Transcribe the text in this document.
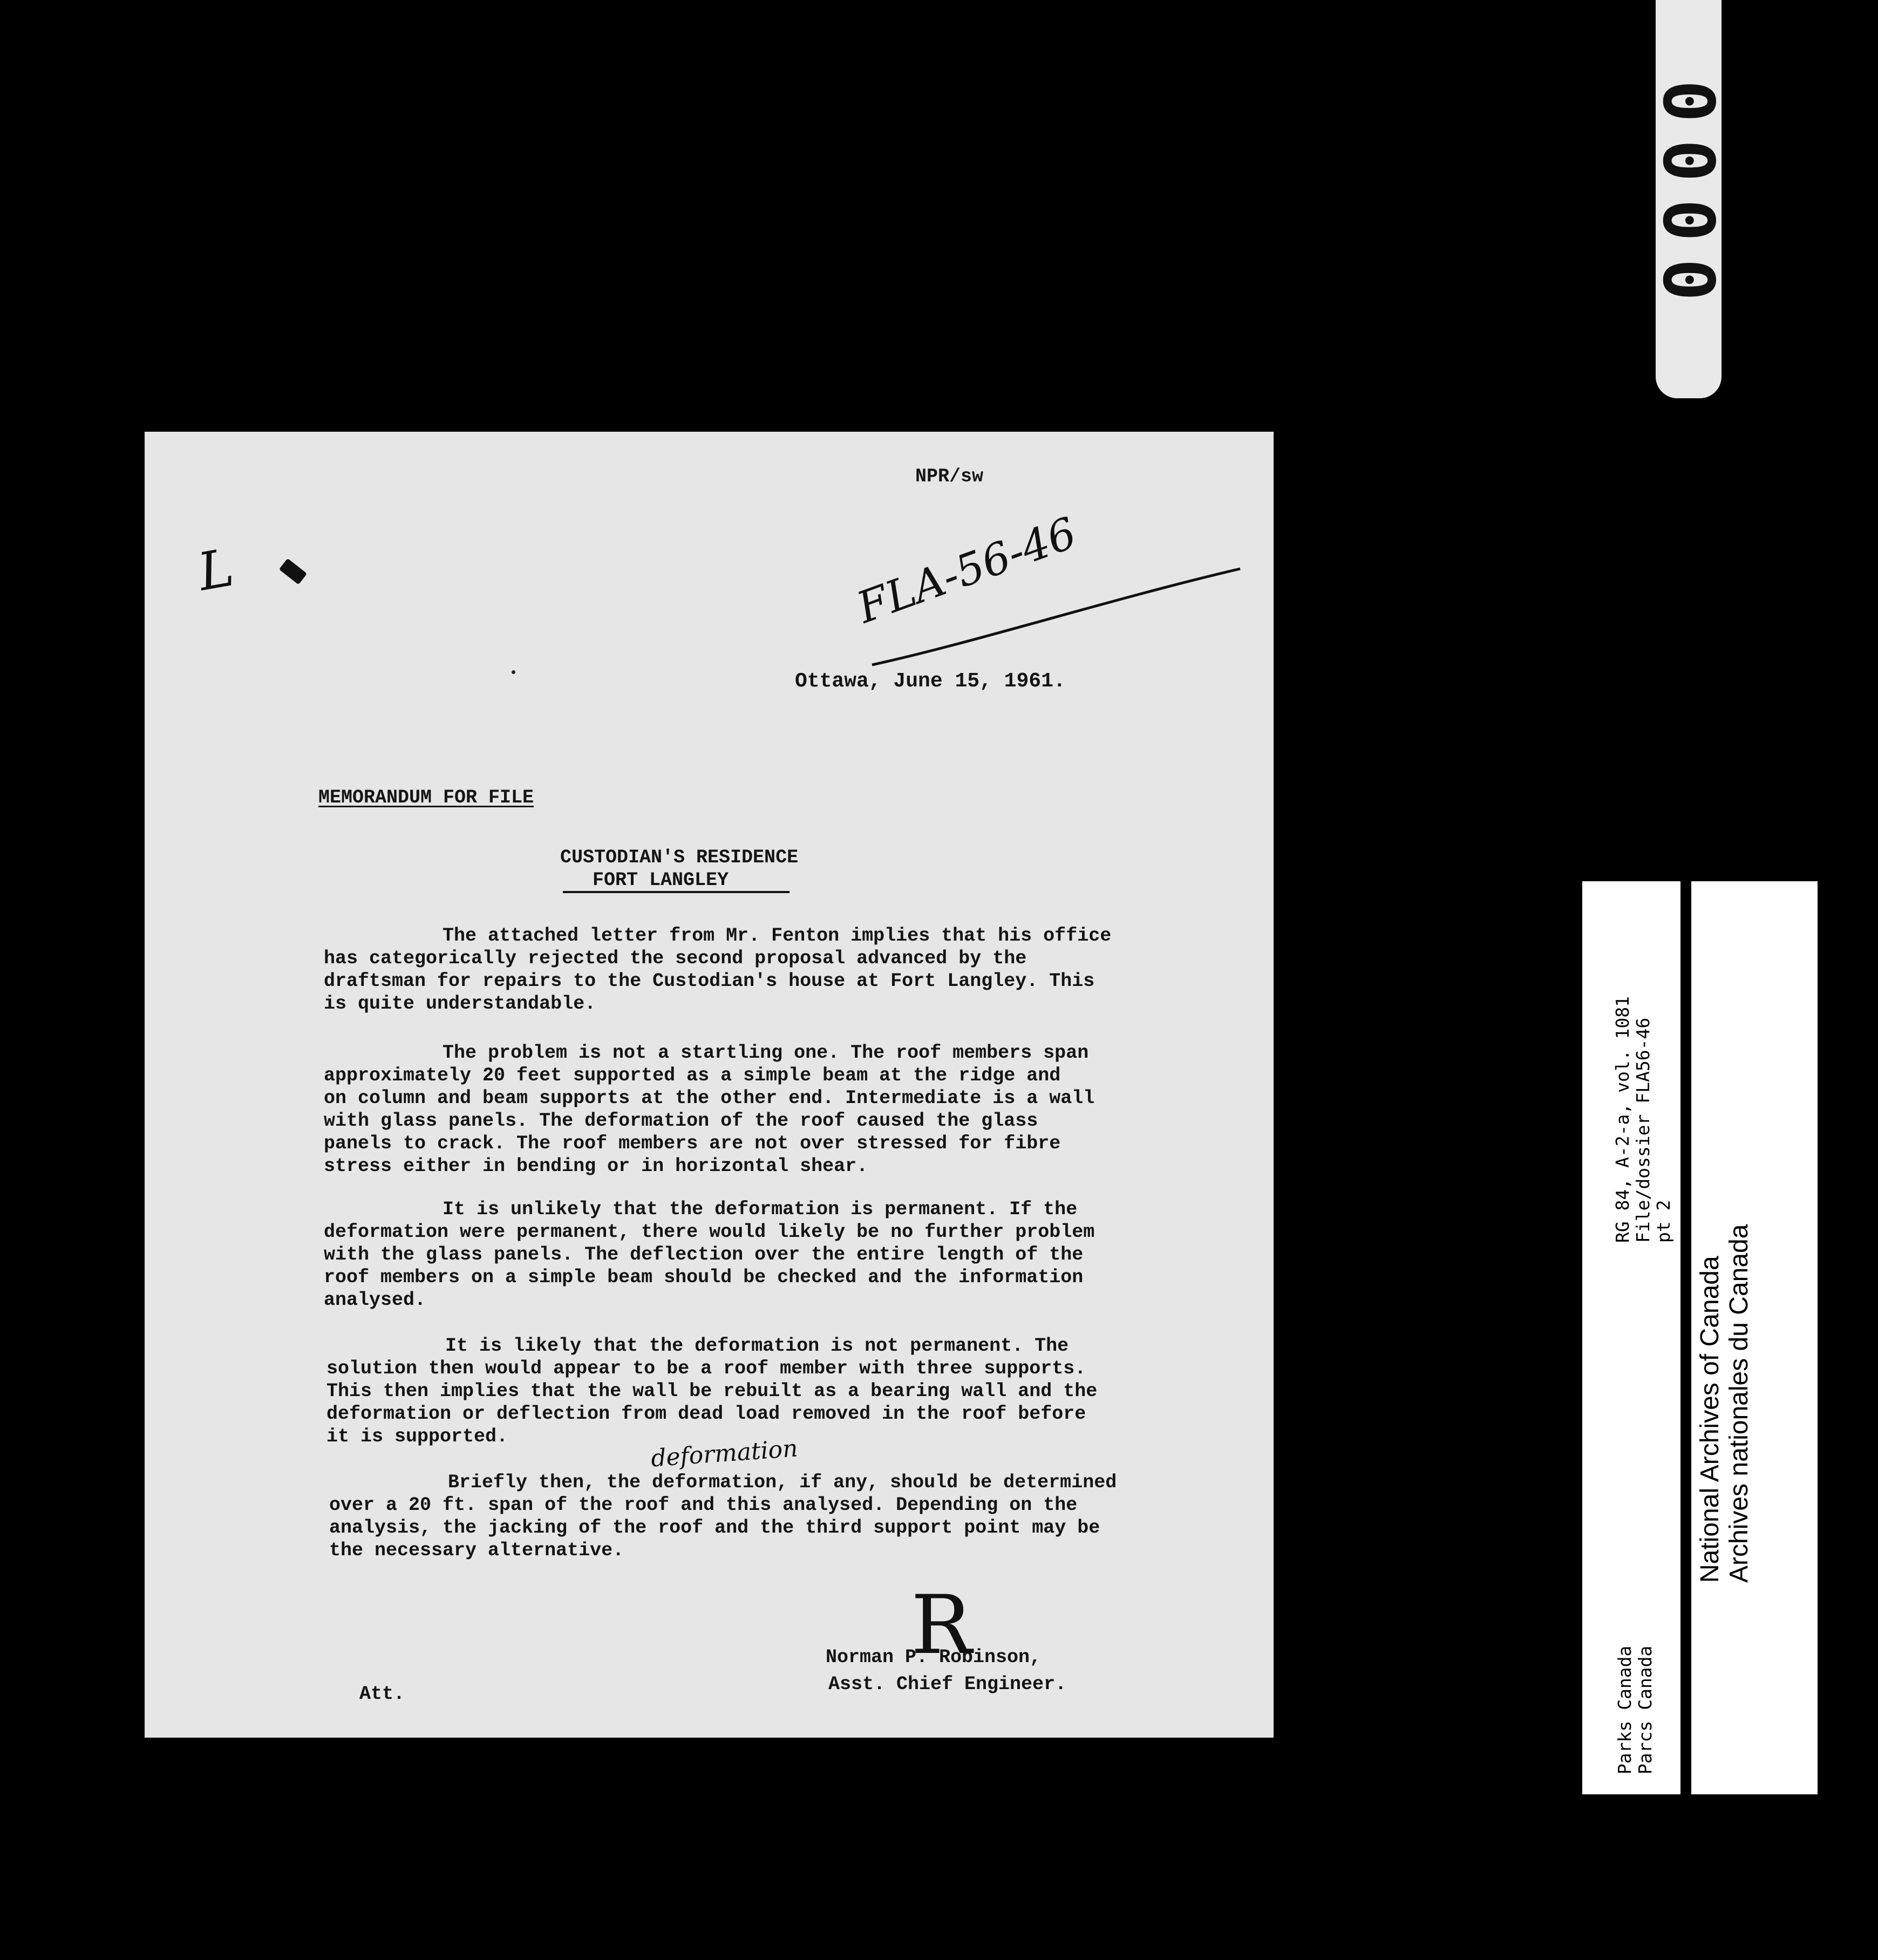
0000
NPR/sw
L	FLA-56-46
Ottawa, June 15, 1961.
MEMORANDUM FOR FILE
CUSTODIAN'S RESIDENCE
FORT LANGLEY
The attached letter from Mr. Fenton implies that his office
has categorically rejected the second proposal advanced by the
draftsman for repairs to the Custodian's house at Fort Langley. This
is quite understandable.
The problem is not a startling one. The roof members span
approximately 20 feet supported as a simple beam at the ridge and
on column and beam supports at the other end. Intermediate is a wall
with glass panels. The deformation of the roof caused the glass
panels to crack. The roof members are not over stressed for fibre
stress either in bending or in horizontal shear.
It is unlikely that the deformation is permanent. If the
deformation were permanent, there would likely be no further problem
with the glass panels. The deflection over the entire length of the
roof members on a simple beam should be checked and the information
analysed.
It is likely that the deformation is not permanent. The
solution then would appear to be a roof member with three supports.
This then implies that the wall be rebuilt as a bearing wall and the
deformation or deflection from dead load removed in the roof before
it is supported.	deformation
Briefly then, the deformation, if any, should be determined
over a 20 ft. span of the roof and this analysed. Depending on the
analysis, the jacking of the roof and the third support point may be
the necessary alternative.
R
Norman P. Robinson,
Asst. Chief Engineer.
Att.	Parks Canada Parcs Canada
RG 84, A-2-a, vol. 1081 File/dossier FLA56-46 pt 2
National Archives of Canada Archives nationales du Canada
